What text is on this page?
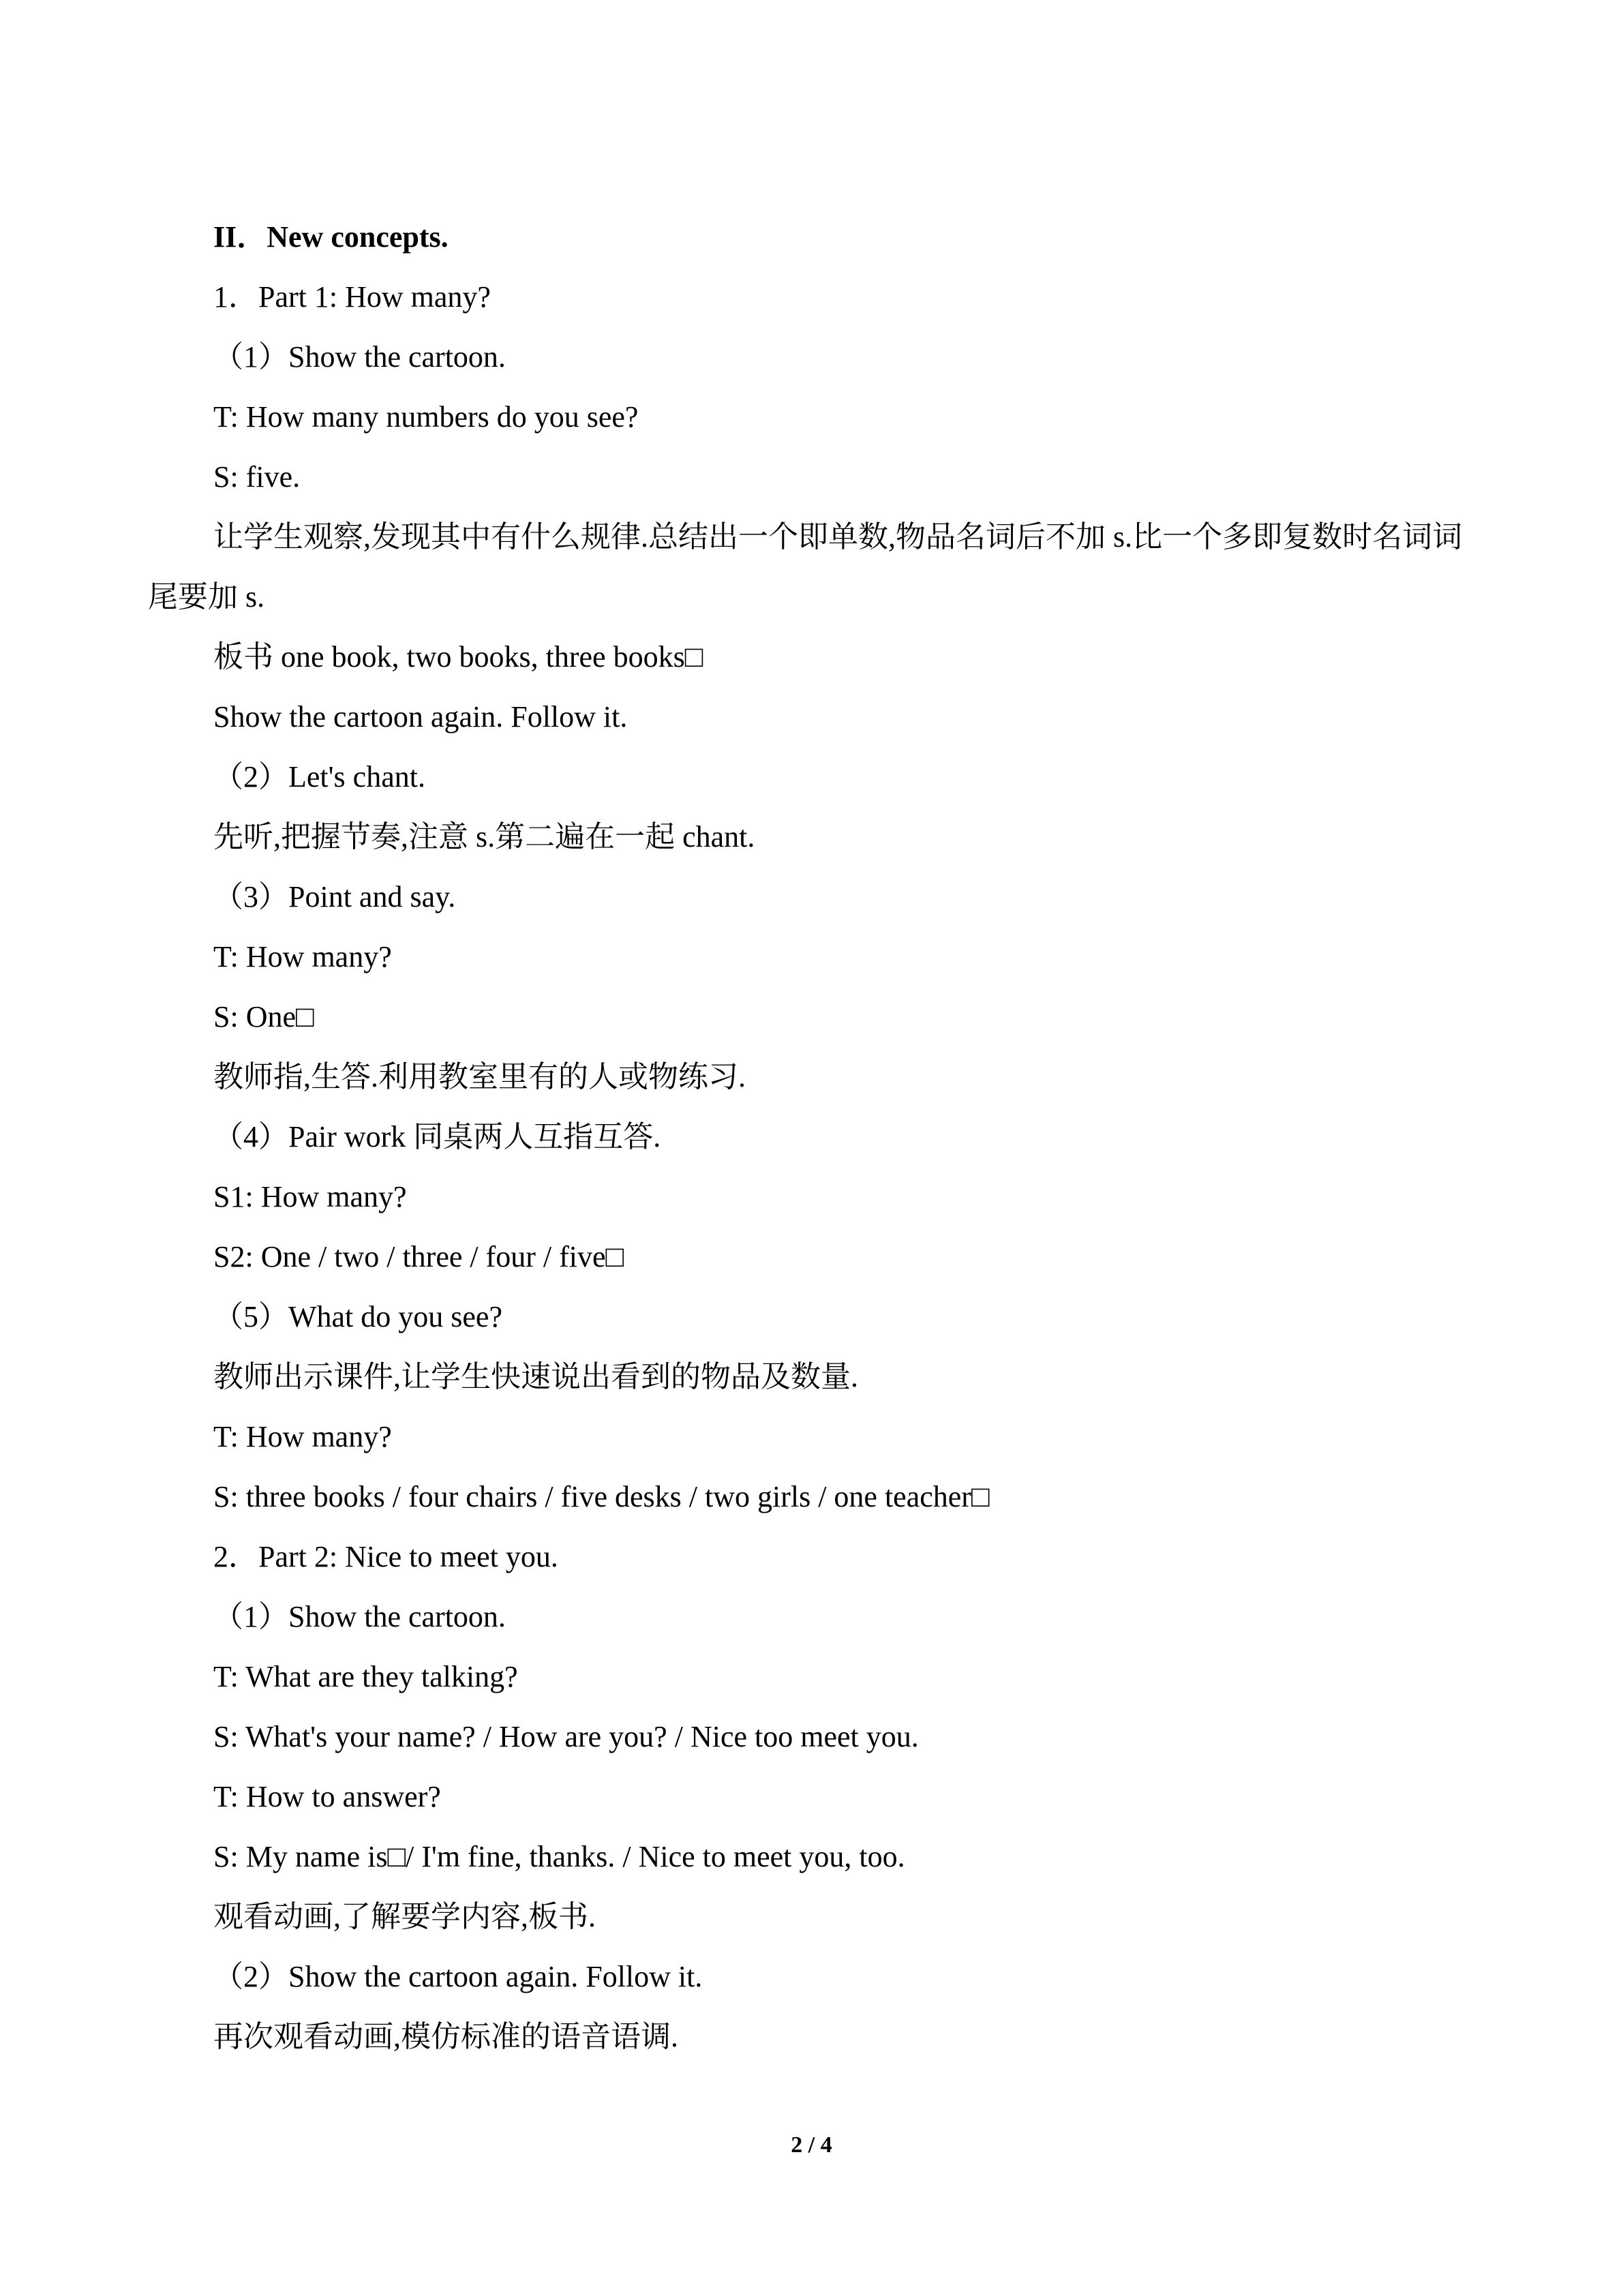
II．New concepts.
1．Part 1: How many?
（1）Show the cartoon.
T: How many numbers do you see?
S: five.
让学生观察,发现其中有什么规律.总结出一个即单数,物品名词后不加 s.比一个多即复数时名词词尾要加 s.
板书 one book, two books, three books□
Show the cartoon again. Follow it.
（2）Let's chant.
先听,把握节奏,注意 s.第二遍在一起 chant.
（3）Point and say.
T: How many?
S: One□
教师指,生答.利用教室里有的人或物练习.
（4）Pair work 同桌两人互指互答.
S1: How many?
S2: One / two / three / four / five□
（5）What do you see?
教师出示课件,让学生快速说出看到的物品及数量.
T: How many?
S: three books / four chairs / five desks / two girls / one teacher□
2．Part 2: Nice to meet you.
（1）Show the cartoon.
T: What are they talking?
S: What's your name? / How are you? / Nice too meet you.
T: How to answer?
S: My name is□/ I'm fine, thanks. / Nice to meet you, too.
观看动画,了解要学内容,板书.
（2）Show the cartoon again. Follow it.
再次观看动画,模仿标准的语音语调.
2 / 4
